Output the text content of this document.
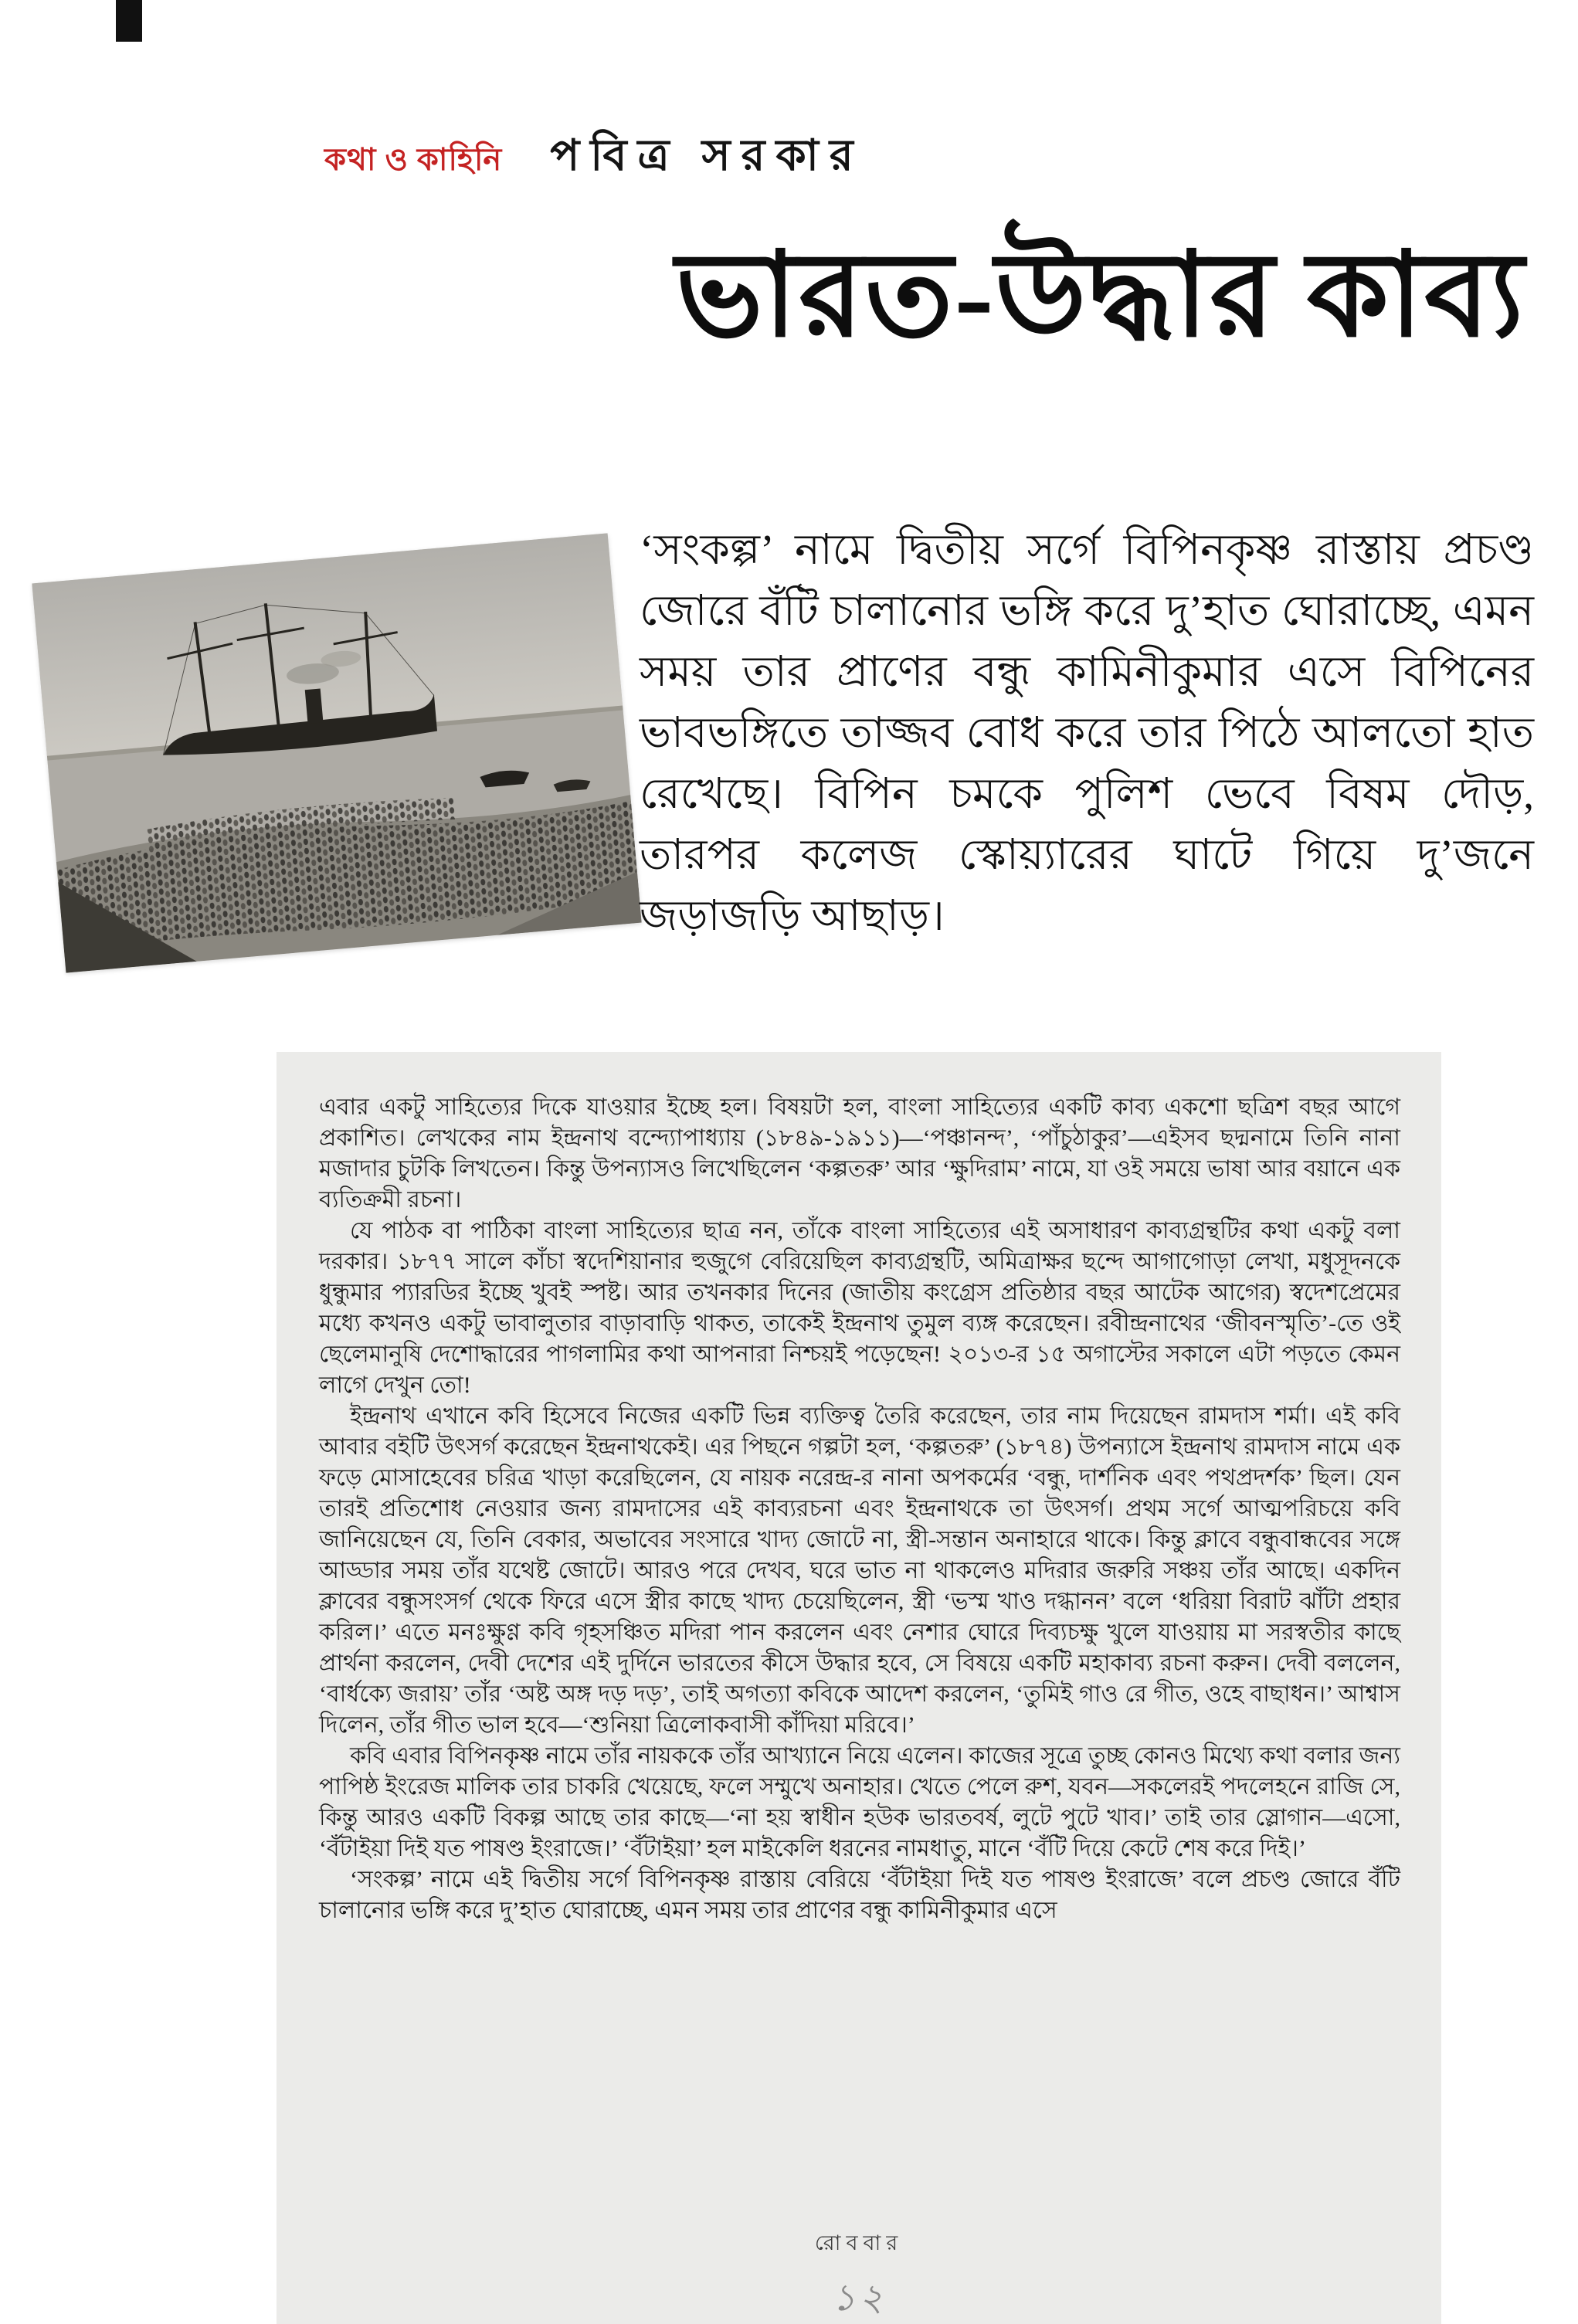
কথা ও কাহিনি পবিত্র সরকার
ভারত-উদ্ধার কাব্য

‘সংকল্প’ নামে দ্বিতীয় সর্গে বিপিনকৃষ্ণ রাস্তায় প্রচণ্ড জোরে বঁটি চালানোর ভঙ্গি করে দু’হাত ঘোরাচ্ছে, এমন সময় তার প্রাণের বন্ধু কামিনীকুমার এসে বিপিনের ভাবভঙ্গিতে তাজ্জব বোধ করে তার পিঠে আলতো হাত রেখেছে। বিপিন চমকে পুলিশ ভেবে বিষম দৌড়, তারপর কলেজ স্কোয়্যারের ঘাটে গিয়ে দু’জনে জড়াজড়ি আছাড়।

এবার একটু সাহিত্যের দিকে যাওয়ার ইচ্ছে হল। বিষয়টা হল, বাংলা সাহিত্যের একটি কাব্য একশো ছত্রিশ বছর আগে প্রকাশিত। লেখকের নাম ইন্দ্রনাথ বন্দ্যোপাধ্যায় (১৮৪৯-১৯১১)—‘পঞ্চানন্দ’, ‘পাঁচুঠাকুর’—এইসব ছদ্মনামে তিনি নানা মজাদার চুটকি লিখতেন। কিন্তু উপন্যাসও লিখেছিলেন ‘কল্পতরু’ আর ‘ক্ষুদিরাম’ নামে, যা ওই সময়ে ভাষা আর বয়ানে এক ব্যতিক্রমী রচনা।

যে পাঠক বা পাঠিকা বাংলা সাহিত্যের ছাত্র নন, তাঁকে বাংলা সাহিত্যের এই অসাধারণ কাব্যগ্রন্থটির কথা একটু বলা দরকার। ১৮৭৭ সালে কাঁচা স্বদেশিয়ানার হুজুগে বেরিয়েছিল কাব্যগ্রন্থটি, অমিত্রাক্ষর ছন্দে আগাগোড়া লেখা, মধুসূদনকে ধুন্ধুমার প্যারডির ইচ্ছে খুবই স্পষ্ট। আর তখনকার দিনের (জাতীয় কংগ্রেস প্রতিষ্ঠার বছর আটেক আগের) স্বদেশপ্রেমের মধ্যে কখনও একটু ভাবালুতার বাড়াবাড়ি থাকত, তাকেই ইন্দ্রনাথ তুমুল ব্যঙ্গ করেছেন। রবীন্দ্রনাথের ‘জীবনস্মৃতি’-তে ওই ছেলেমানুষি দেশোদ্ধারের পাগলামির কথা আপনারা নিশ্চয়ই পড়েছেন! ২০১৩-র ১৫ অগাস্টের সকালে এটা পড়তে কেমন লাগে দেখুন তো!

ইন্দ্রনাথ এখানে কবি হিসেবে নিজের একটি ভিন্ন ব্যক্তিত্ব তৈরি করেছেন, তার নাম দিয়েছেন রামদাস শর্মা। এই কবি আবার বইটি উৎসর্গ করেছেন ইন্দ্রনাথকেই। এর পিছনে গল্পটা হল, ‘কল্পতরু’ (১৮৭৪) উপন্যাসে ইন্দ্রনাথ রামদাস নামে এক ফড়ে মোসাহেবের চরিত্র খাড়া করেছিলেন, যে নায়ক নরেন্দ্র-র নানা অপকর্মের ‘বন্ধু, দার্শনিক এবং পথপ্রদর্শক’ ছিল। যেন তারই প্রতিশোধ নেওয়ার জন্য রামদাসের এই কাব্যরচনা এবং ইন্দ্রনাথকে তা উৎসর্গ। প্রথম সর্গে আত্মপরিচয়ে কবি জানিয়েছেন যে, তিনি বেকার, অভাবের সংসারে খাদ্য জোটে না, স্ত্রী-সন্তান অনাহারে থাকে। কিন্তু ক্লাবে বন্ধুবান্ধবের সঙ্গে আড্ডার সময় তাঁর যথেষ্ট জোটে। আরও পরে দেখব, ঘরে ভাত না থাকলেও মদিরার জরুরি সঞ্চয় তাঁর আছে। একদিন ক্লাবের বন্ধুসংসর্গ থেকে ফিরে এসে স্ত্রীর কাছে খাদ্য চেয়েছিলেন, স্ত্রী ‘ভস্ম খাও দগ্ধানন’ বলে ‘ধরিয়া বিরাট ঝাঁটা প্রহার করিল।’ এতে মনঃক্ষুণ্ণ কবি গৃহসঞ্চিত মদিরা পান করলেন এবং নেশার ঘোরে দিব্যচক্ষু খুলে যাওয়ায় মা সরস্বতীর কাছে প্রার্থনা করলেন, দেবী দেশের এই দুর্দিনে ভারতের কীসে উদ্ধার হবে, সে বিষয়ে একটি মহাকাব্য রচনা করুন। দেবী বললেন, ‘বার্ধক্যে জরায়’ তাঁর ‘অষ্ট অঙ্গ দড় দড়’, তাই অগত্যা কবিকে আদেশ করলেন, ‘তুমিই গাও রে গীত, ওহে বাছাধন।’ আশ্বাস দিলেন, তাঁর গীত ভাল হবে—‘শুনিয়া ত্রিলোকবাসী কাঁদিয়া মরিবে।’

কবি এবার বিপিনকৃষ্ণ নামে তাঁর নায়ককে তাঁর আখ্যানে নিয়ে এলেন। কাজের সূত্রে তুচ্ছ কোনও মিথ্যে কথা বলার জন্য পাপিষ্ঠ ইংরেজ মালিক তার চাকরি খেয়েছে, ফলে সম্মুখে অনাহার। খেতে পেলে রুশ, যবন—সকলেরই পদলেহনে রাজি সে, কিন্তু আরও একটি বিকল্প আছে তার কাছে—‘না হয় স্বাধীন হউক ভারতবর্ষ, লুটে পুটে খাব।’ তাই তার স্লোগান—এসো, ‘বঁটাইয়া দিই যত পাষণ্ড ইংরাজে।’ ‘বঁটাইয়া’ হল মাইকেলি ধরনের নামধাতু, মানে ‘বঁটি দিয়ে কেটে শেষ করে দিই।’

‘সংকল্প’ নামে এই দ্বিতীয় সর্গে বিপিনকৃষ্ণ রাস্তায় বেরিয়ে ‘বঁটাইয়া দিই যত পাষণ্ড ইংরাজে’ বলে প্রচণ্ড জোরে বঁটি চালানোর ভঙ্গি করে দু’হাত ঘোরাচ্ছে, এমন সময় তার প্রাণের বন্ধু কামিনীকুমার এসে

রোববার
১২
